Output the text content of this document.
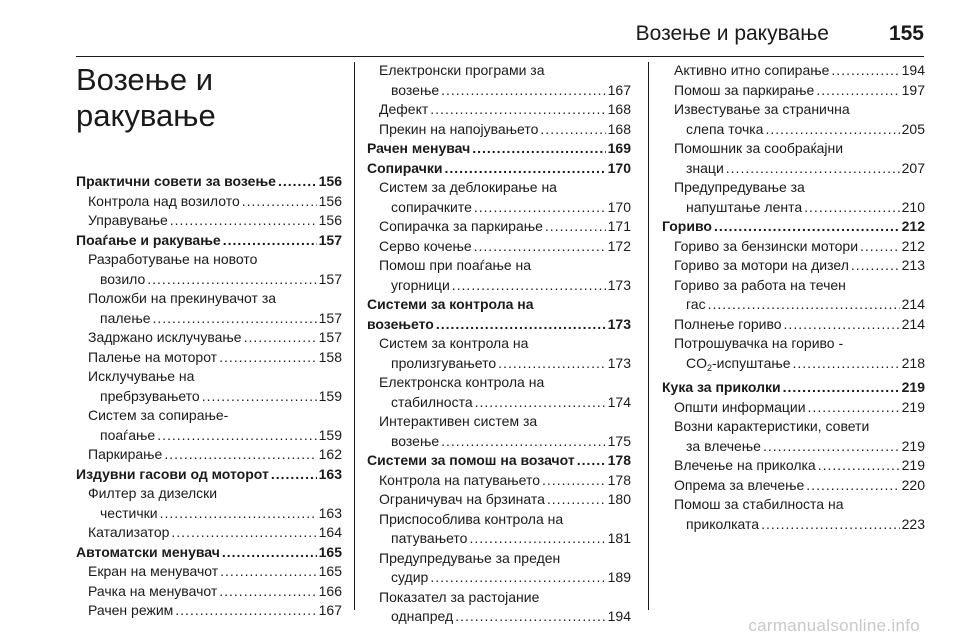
Возење и ракување	155
Возење и
ракување
Практични совети за возење .....	156
Контрола над возилото .....	156
Управување .....	156
Поаѓање и ракување .....	157
Разработување на новото
возило .....	157
Положби на прекинувачот за
палење .....	157
Задржано исклучување .....	157
Палење на моторот .....	158
Исклучување на
пребрзувањето .....	159
Систем за сопирање-
поаѓање .....	159
Паркирање .....	162
Издувни гасови од моторот .....	163
Филтер за дизелски
честички .....	163
Катализатор .....	164
Автоматски менувач .....	165
Екран на менувачот .....	165
Рачка на менувачот .....	166
Рачен режим .....	167
Електронски програми за
возење .....	167
Дефект .....	168
Прекин на напојувањето .....	168
Рачен менувач .....	169
Сопирачки .....	170
Систем за деблокирање на
сопирачките .....	170
Сопирачка за паркирање .....	171
Серво кочење .....	172
Помош при поаѓање на
угорници .....	173
Системи за контрола на
возењето .....	173
Систем за контрола на
пролизгувањето .....	173
Електронска контрола на
стабилноста .....	174
Интерактивен систем за
возење .....	175
Системи за помош на возачот ..... 178
Контрола на патувањето .....	178
Ограничувач на брзината .....	180
Приспособлива контрола на
патувањето .....	181
Предупредување за преден
судир .....	189
Показател за растојание
однапред .....	194
Активно итно сопирање .....	194
Помош за паркирање .....	197
Известување за странична
слепа точка .....	205
Помошник за сообраќајни
знаци .....	207
Предупредување за
напуштање лента .....	210
Гориво .....	212
Гориво за бензински мотори .....	212
Гориво за мотори на дизел .....	213
Гориво за работа на течен
гас .....	214
Полнење гориво .....	214
Потрошувачка на гориво -
$CO_2$-испуштање .....	218
Кука за приколки .....	219
Општи информации .....	219
Возни карактеристики, совети
за влечење .....	219
Влечење на приколка .....	219
Опрема за влечење .....	220
Помош за стабилноста на
приколката .....	223
carmanualsonline.info
